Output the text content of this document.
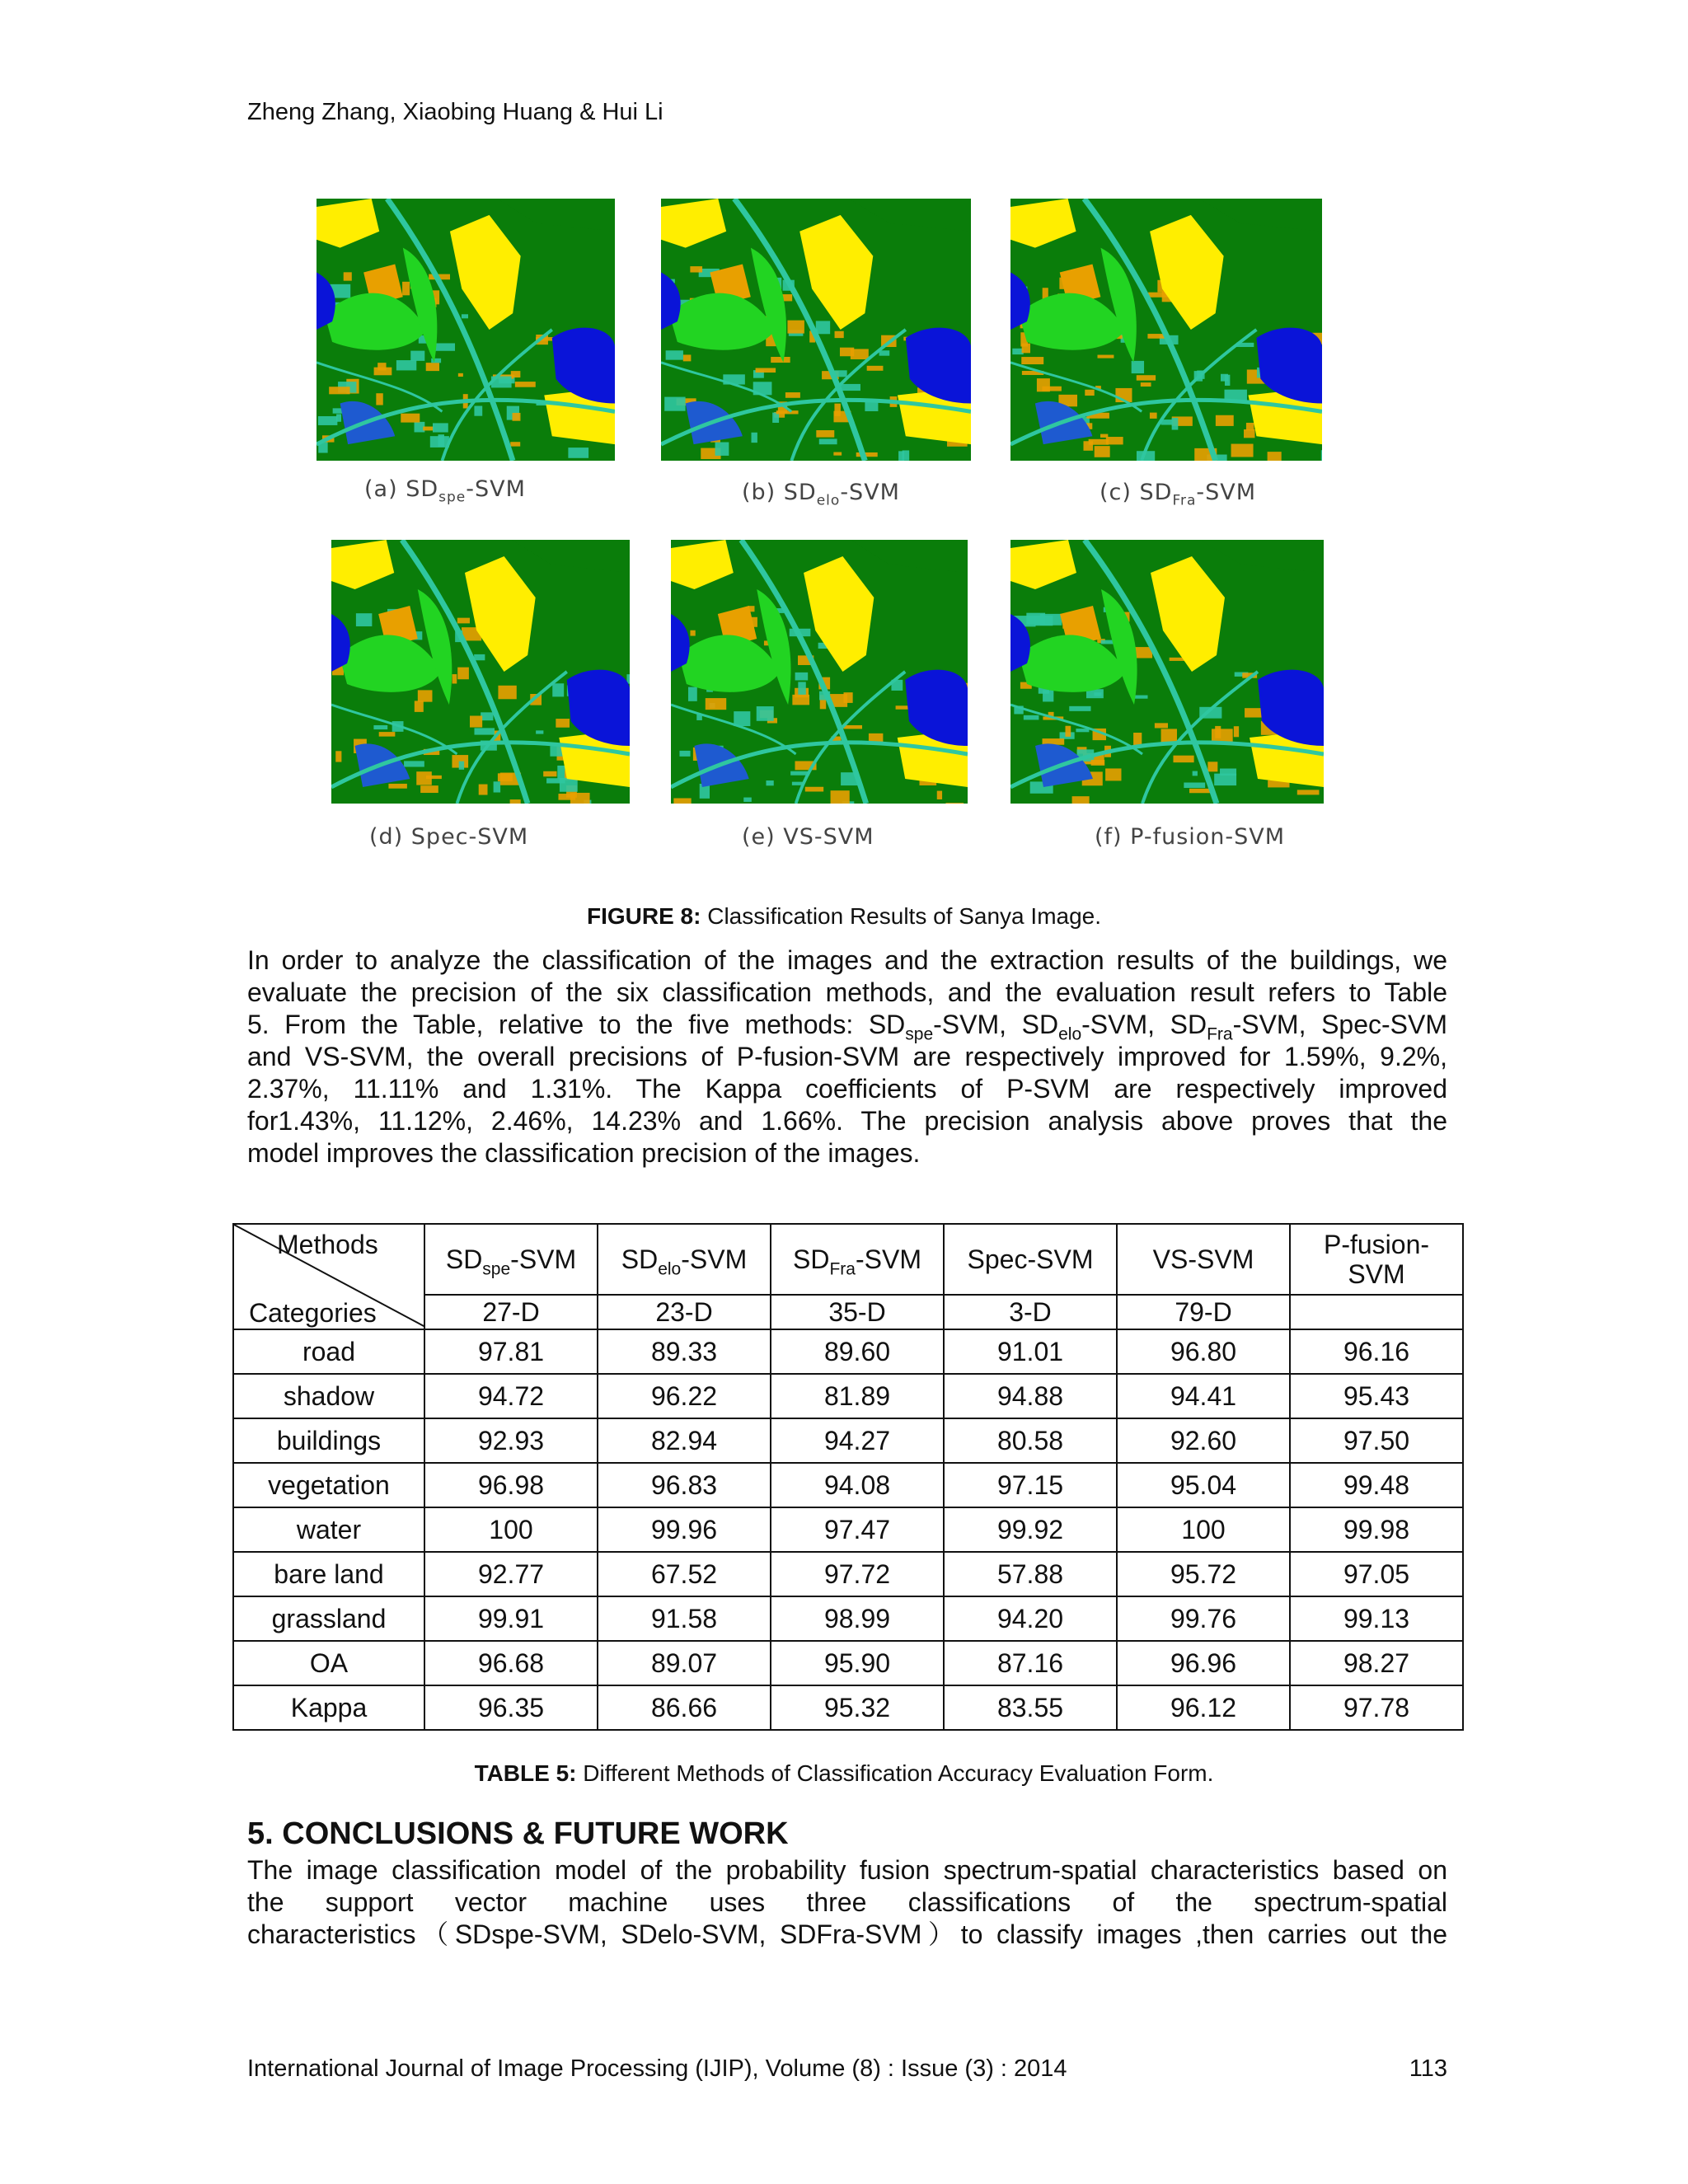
Zheng Zhang, Xiaobing Huang & Hui Li
(a) $SD_{spe}$-SVM	(b) $SD_{elo}$-SVM	(c) $SD_{Fra}$-SVM
(d) Spec-SVM	(e) VS-SVM	(f) P-fusion-SVM
FIGURE 8: Classification Results of Sanya Image.
In order to analyze the classification of the images and the extraction results of the buildings, we
evaluate the precision of the six classification methods, and the evaluation result refers to Table
5. From the Table, relative to the five methods: $SD_{spe}$-SVM, $SD_{elo}$-SVM, $SD_{Fra}$-SVM, Spec-SVM
and VS-SVM, the overall precisions of P-fusion-SVM are respectively improved for 1.59%, 9.2%,
2.37%, 11.11% and 1.31%. The Kappa coefficients of P-SVM are respectively improved
for1.43%, 11.12%, 2.46%, 14.23% and 1.66%. The precision analysis above proves that the
model improves the classification precision of the images.
Methods
Categories	$SD_{spe}$-SVM	$SD_{elo}$-SVM	$SD_{Fra}$-SVM	Spec-SVM	VS-SVM	P-fusion-
SVM
	27-D	23-D	35-D	3-D	79-D	
road	97.81	89.33	89.60	91.01	96.80	96.16
shadow	94.72	96.22	81.89	94.88	94.41	95.43
buildings	92.93	82.94	94.27	80.58	92.60	97.50
vegetation	96.98	96.83	94.08	97.15	95.04	99.48
water	100	99.96	97.47	99.92	100	99.98
bare land	92.77	67.52	97.72	57.88	95.72	97.05
grassland	99.91	91.58	98.99	94.20	99.76	99.13
OA	96.68	89.07	95.90	87.16	96.96	98.27
Kappa	96.35	86.66	95.32	83.55	96.12	97.78
TABLE 5: Different Methods of Classification Accuracy Evaluation Form.
5. CONCLUSIONS & FUTURE WORK
The image classification model of the probability fusion spectrum-spatial characteristics based on
the support vector machine uses three classifications of the spectrum-spatial
characteristics（SDspe-SVM, SDelo-SVM, SDFra-SVM）to classify images ,then carries out the
International Journal of Image Processing (IJIP), Volume (8) : Issue (3) : 2014	113
